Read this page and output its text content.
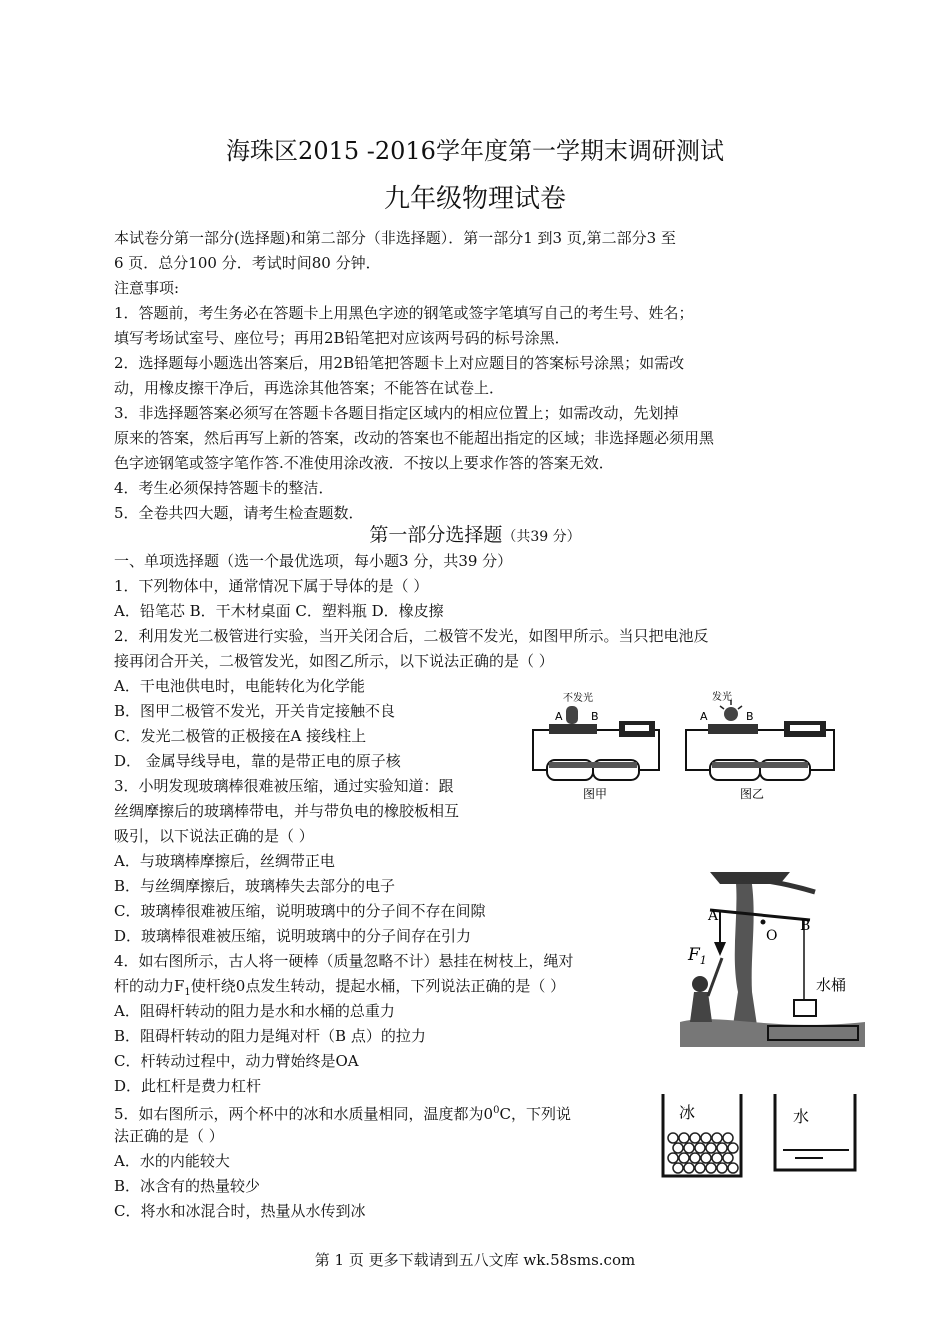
海珠区2015 -2016学年度第一学期末调研测试
九年级物理试卷
本试卷分第一部分(选择题)和第二部分（非选择题）．第一部分1 到3 页,第二部分3 至
6 页．总分100 分．考试时间80 分钟．
注意事项:
1．答题前，考生务必在答题卡上用黑色字迹的钢笔或签字笔填写自己的考生号、姓名；
填写考场试室号、座位号；再用2B铅笔把对应该两号码的标号涂黑．
2．选择题每小题选出答案后，用2B铅笔把答题卡上对应题目的答案标号涂黑；如需改
动，用橡皮擦干净后，再选涂其他答案；不能答在试卷上．
3．非选择题答案必须写在答题卡各题目指定区域内的相应位置上；如需改动，先划掉
原来的答案，然后再写上新的答案，改动的答案也不能超出指定的区域；非选择题必须用黑
色字迹钢笔或签字笔作答.不准使用涂改液．不按以上要求作答的答案无效．
4．考生必须保持答题卡的整洁．
5．全卷共四大题，请考生检查题数．
第一部分选择题（共39 分）
一、单项选择题（选一个最优选项，每小题3 分，共39 分）
1．下列物体中，通常情况下属于导体的是（ ）
A．铅笔芯 B．干木材桌面 C．塑料瓶 D．橡皮擦
2．利用发光二极管进行实验，当开关闭合后，二极管不发光，如图甲所示。当只把电池反
接再闭合开关，二极管发光，如图乙所示，以下说法正确的是（ ）
A．干电池供电时，电能转化为化学能
B．图甲二极管不发光，开关肯定接触不良
C．发光二极管的正极接在A 接线柱上
D． 金属导线导电，靠的是带正电的原子核
3．小明发现玻璃棒很难被压缩，通过实验知道：跟
丝绸摩擦后的玻璃棒带电，并与带负电的橡胶板相互
吸引，以下说法正确的是（ ）
A．与玻璃棒摩擦后，丝绸带正电
B．与丝绸摩擦后，玻璃棒失去部分的电子
C．玻璃棒很难被压缩，说明玻璃中的分子间不存在间隙
D．玻璃棒很难被压缩，说明玻璃中的分子间存在引力
4．如右图所示，古人将一硬棒（质量忽略不计）悬挂在树枝上，绳对
杆的动力$F_1$使杆绕0点发生转动，提起水桶，下列说法正确的是（ ）
A．阻碍杆转动的阻力是水和水桶的总重力
B．阻碍杆转动的阻力是绳对杆（B 点）的拉力
C．杆转动过程中，动力臂始终是OA
D．此杠杆是费力杠杆
5．如右图所示，两个杯中的冰和水质量相同，温度都为$0^0C$，下列说
法正确的是（ ）
A．水的内能较大
B．冰含有的热量较少
C．将水和冰混合时，热量从水传到冰
A	B
不发光
图甲
A	B
发光
图乙
A
O
B
$F_1$
水桶
冰	水
第 1 页 更多下载请到五八文库 wk.58sms.com
